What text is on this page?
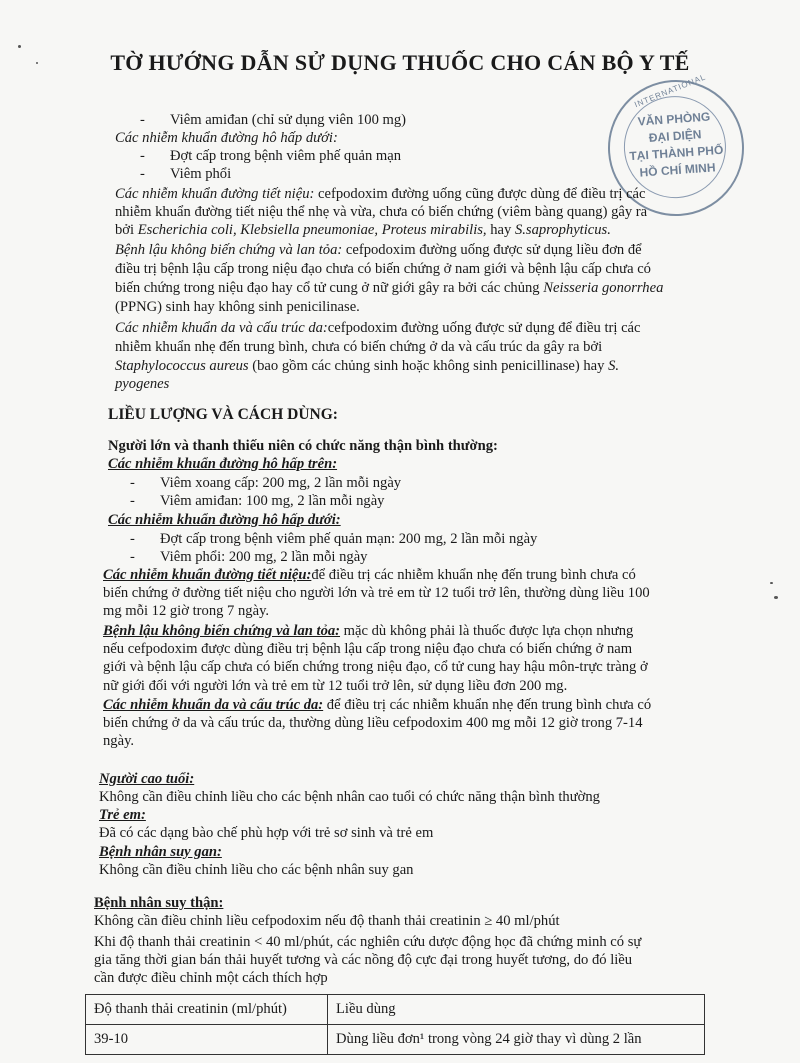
TỜ HƯỚNG DẪN SỬ DỤNG THUỐC CHO CÁN BỘ Y TẾ
INTERNATIONAL
VĂN PHÒNG
ĐẠI DIỆN
TẠI THÀNH PHỐ
HỒ CHÍ MINH
- Viêm amiđan (chỉ sử dụng viên 100 mg)
Các nhiễm khuẩn đường hô hấp dưới:
- Đợt cấp trong bệnh viêm phế quản mạn
- Viêm phổi
Các nhiễm khuẩn đường tiết niệu: cefpodoxim đường uống cũng được dùng để điều trị các
nhiễm khuẩn đường tiết niệu thể nhẹ và vừa, chưa có biến chứng (viêm bàng quang) gây ra
bởi Escherichia coli, Klebsiella pneumoniae, Proteus mirabilis, hay S.saprophyticus.
Bệnh lậu không biến chứng và lan tỏa: cefpodoxim đường uống được sử dụng liều đơn để
điều trị bệnh lậu cấp trong niệu đạo chưa có biến chứng ở nam giới và bệnh lậu cấp chưa có
biến chứng trong niệu đạo hay cổ tử cung ở nữ giới gây ra bởi các chủng Neisseria gonorrhea
(PPNG) sinh hay không sinh penicilinase.
Các nhiễm khuẩn da và cấu trúc da:cefpodoxim đường uống được sử dụng để điều trị các
nhiễm khuẩn nhẹ đến trung bình, chưa có biến chứng ở da và cấu trúc da gây ra bởi
Staphylococcus aureus (bao gồm các chủng sinh hoặc không sinh penicillinase) hay S.
pyogenes
LIỀU LƯỢNG VÀ CÁCH DÙNG:
Người lớn và thanh thiếu niên có chức năng thận bình thường:
Các nhiễm khuẩn đường hô hấp trên:
- Viêm xoang cấp: 200 mg, 2 lần mỗi ngày
- Viêm amiđan: 100 mg, 2 lần mỗi ngày
Các nhiễm khuẩn đường hô hấp dưới:
- Đợt cấp trong bệnh viêm phế quản mạn: 200 mg, 2 lần mỗi ngày
- Viêm phổi: 200 mg, 2 lần mỗi ngày
Các nhiễm khuẩn đường tiết niệu:để điều trị các nhiễm khuẩn nhẹ đến trung bình chưa có
biến chứng ở đường tiết niệu cho người lớn và trẻ em từ 12 tuổi trở lên, thường dùng liều 100
mg mỗi 12 giờ trong 7 ngày.
Bệnh lậu không biến chứng và lan tỏa: mặc dù không phải là thuốc được lựa chọn nhưng
nếu cefpodoxim được dùng điều trị bệnh lậu cấp trong niệu đạo chưa có biến chứng ở nam
giới và bệnh lậu cấp chưa có biến chứng trong niệu đạo, cổ tử cung hay hậu môn-trực tràng ở
nữ giới đối với người lớn và trẻ em từ 12 tuổi trở lên, sử dụng liều đơn 200 mg.
Các nhiễm khuẩn da và cấu trúc da: để điều trị các nhiễm khuẩn nhẹ đến trung bình chưa có
biến chứng ở da và cấu trúc da, thường dùng liều cefpodoxim 400 mg mỗi 12 giờ trong 7-14
ngày.
Người cao tuổi:
Không cần điều chỉnh liều cho các bệnh nhân cao tuổi có chức năng thận bình thường
Trẻ em:
Đã có các dạng bào chế phù hợp với trẻ sơ sinh và trẻ em
Bệnh nhân suy gan:
Không cần điều chỉnh liều cho các bệnh nhân suy gan
Bệnh nhân suy thận:
Không cần điều chỉnh liều cefpodoxim nếu độ thanh thải creatinin ≥ 40 ml/phút
Khi độ thanh thải creatinin < 40 ml/phút, các nghiên cứu dược động học đã chứng minh có sự
gia tăng thời gian bán thải huyết tương và các nồng độ cực đại trong huyết tương, do đó liều
cần được điều chỉnh một cách thích hợp
Độ thanh thải creatinin (ml/phút)	Liều dùng
39-10	Dùng liều đơn¹ trong vòng 24 giờ thay vì dùng 2 lần
